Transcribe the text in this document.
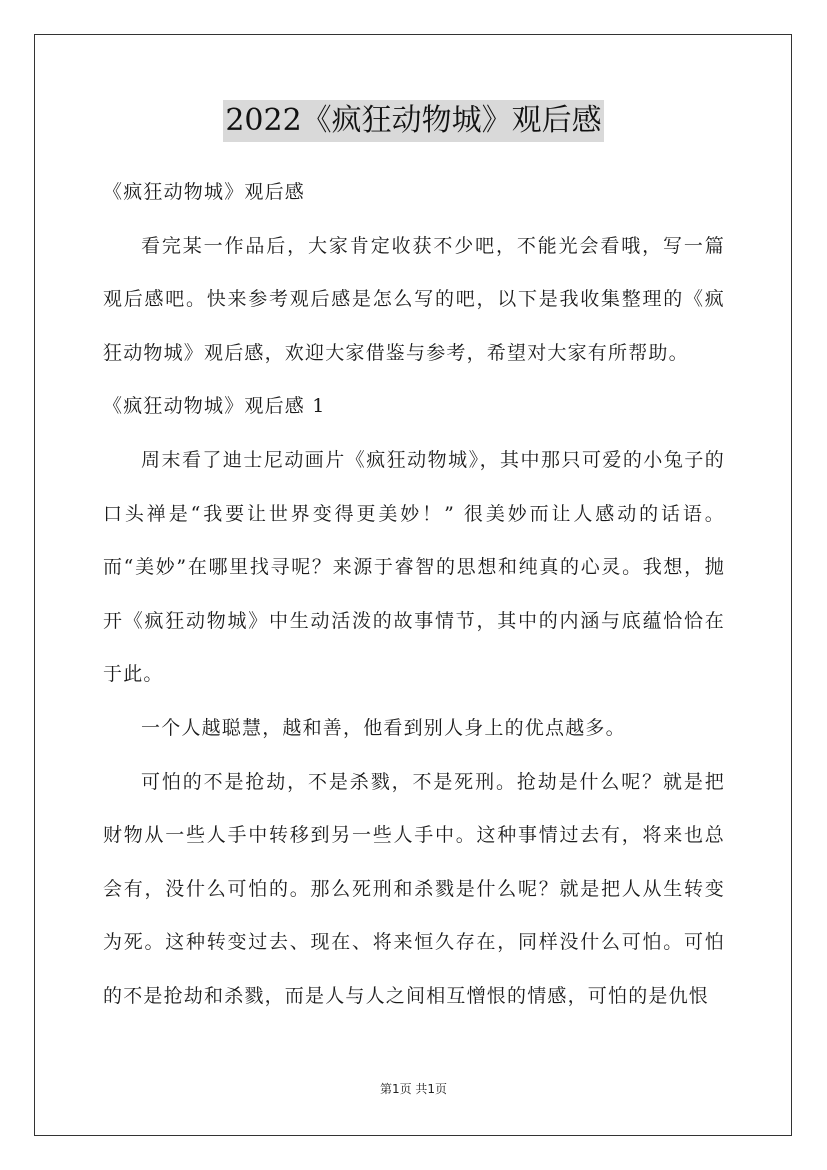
2022《疯狂动物城》观后感

《疯狂动物城》观后感

看完某一作品后，大家肯定收获不少吧，不能光会看哦，写一篇观后感吧。快来参考观后感是怎么写的吧，以下是我收集整理的《疯狂动物城》观后感，欢迎大家借鉴与参考，希望对大家有所帮助。

《疯狂动物城》观后感 1

周末看了迪士尼动画片《疯狂动物城》，其中那只可爱的小兔子的口头禅是“我要让世界变得更美妙！” 很美妙而让人感动的话语。而“美妙”在哪里找寻呢？来源于睿智的思想和纯真的心灵。我想，抛开《疯狂动物城》中生动活泼的故事情节，其中的内涵与底蕴恰恰在于此。

一个人越聪慧，越和善，他看到别人身上的优点越多。

可怕的不是抢劫，不是杀戮，不是死刑。抢劫是什么呢？就是把财物从一些人手中转移到另一些人手中。这种事情过去有，将来也总会有，没什么可怕的。那么死刑和杀戮是什么呢？就是把人从生转变为死。这种转变过去、现在、将来恒久存在，同样没什么可怕。可怕的不是抢劫和杀戮，而是人与人之间相互憎恨的情感，可怕的是仇恨

第1页 共1页
